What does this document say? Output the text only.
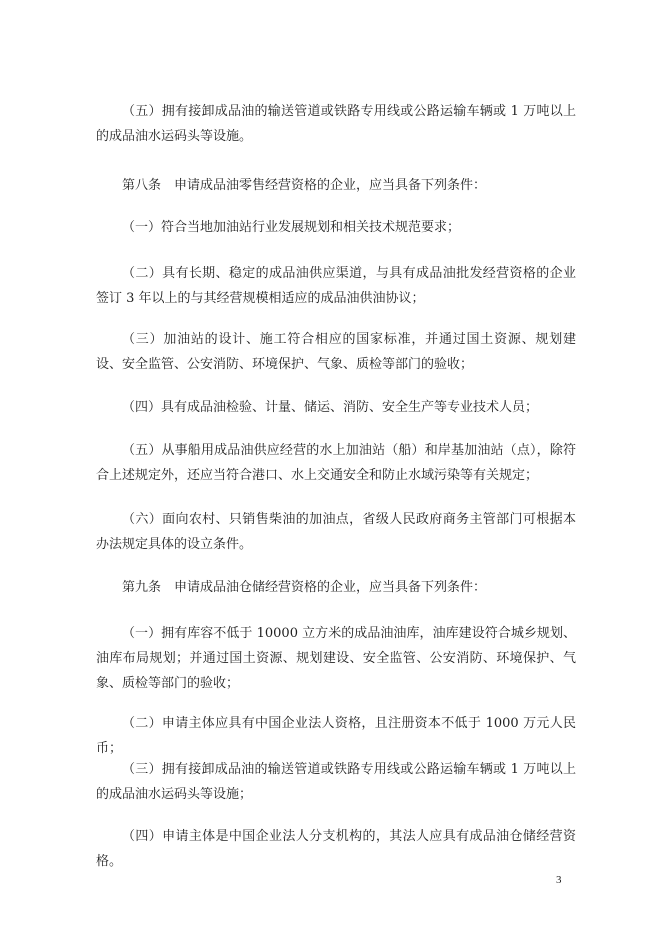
（五）拥有接卸成品油的输送管道或铁路专用线或公路运输车辆或 1 万吨以上的成品油水运码头等设施。

第八条　申请成品油零售经营资格的企业，应当具备下列条件：

（一）符合当地加油站行业发展规划和相关技术规范要求；

（二）具有长期、稳定的成品油供应渠道，与具有成品油批发经营资格的企业签订 3 年以上的与其经营规模相适应的成品油供油协议；

（三）加油站的设计、施工符合相应的国家标准，并通过国土资源、规划建设、安全监管、公安消防、环境保护、气象、质检等部门的验收；

（四）具有成品油检验、计量、储运、消防、安全生产等专业技术人员；

（五）从事船用成品油供应经营的水上加油站（船）和岸基加油站（点），除符合上述规定外，还应当符合港口、水上交通安全和防止水域污染等有关规定；

（六）面向农村、只销售柴油的加油点，省级人民政府商务主管部门可根据本办法规定具体的设立条件。

第九条　申请成品油仓储经营资格的企业，应当具备下列条件：

（一）拥有库容不低于 10000 立方米的成品油油库，油库建设符合城乡规划、油库布局规划；并通过国土资源、规划建设、安全监管、公安消防、环境保护、气象、质检等部门的验收；

（二）申请主体应具有中国企业法人资格，且注册资本不低于 1000 万元人民币；

（三）拥有接卸成品油的输送管道或铁路专用线或公路运输车辆或 1 万吨以上的成品油水运码头等设施；

（四）申请主体是中国企业法人分支机构的，其法人应具有成品油仓储经营资格。

3
